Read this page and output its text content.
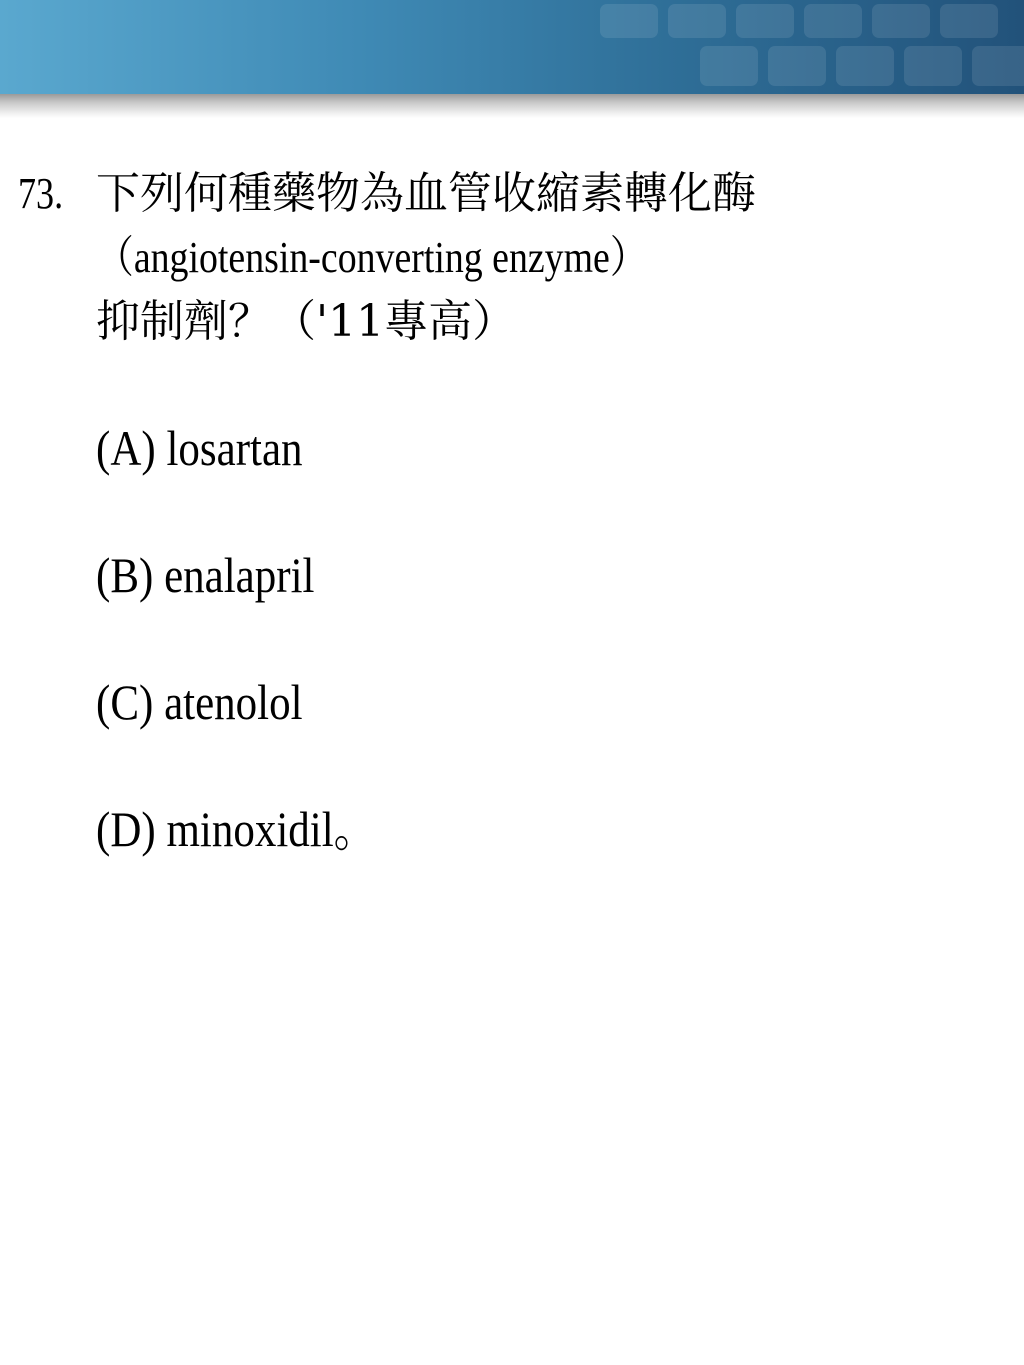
73. 下列何種藥物為血管收縮素轉化酶
（angiotensin-converting enzyme）
抑制劑？（'11專高）
(A) losartan
(B) enalapril
(C) atenolol
(D) minoxidil。
